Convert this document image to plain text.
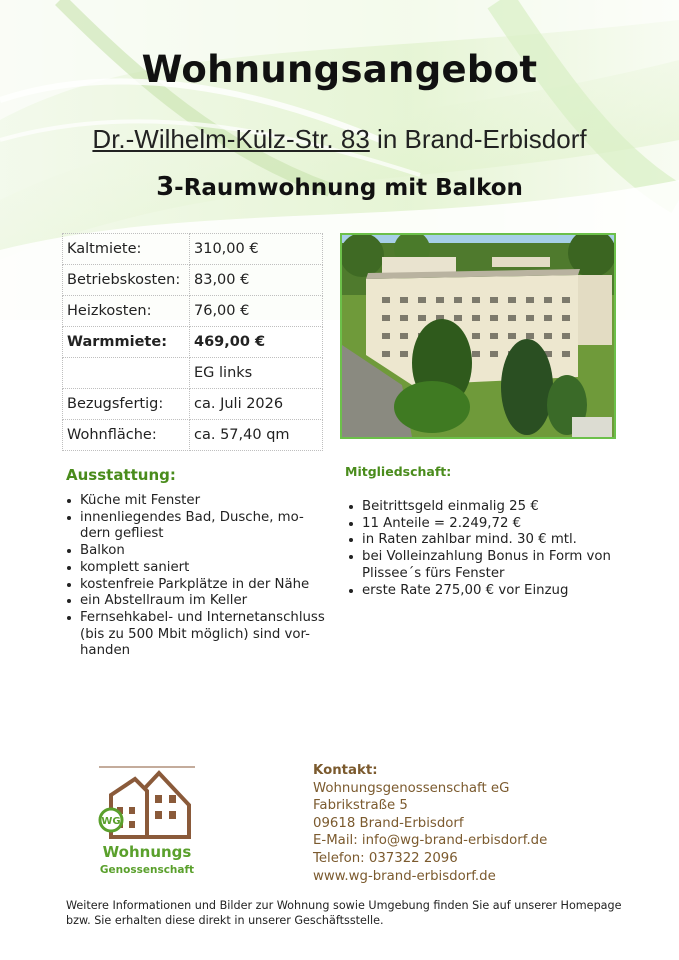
Wohnungsangebot
Dr.-Wilhelm-Külz-Str. 83 in Brand-Erbisdorf
3-Raumwohnung mit Balkon
Kaltmiete:	310,00 €
Betriebskosten:	83,00 €
Heizkosten:	76,00 €
Warmmiete:	469,00 €
	EG links
Bezugsfertig:	ca. Juli 2026
Wohnfläche:	ca. 57,40 qm
Ausstattung:
Küche mit Fenster
innenliegendes Bad, Dusche, mo-dern gefliest
Balkon
komplett saniert
kostenfreie Parkplätze in der Nähe
ein Abstellraum im Keller
Fernsehkabel- und Internetanschluss (bis zu 500 Mbit möglich) sind vor-handen
Mitgliedschaft:
Beitrittsgeld einmalig 25 €
11 Anteile = 2.249,72 €
in Raten zahlbar mind. 30 € mtl.
bei Volleinzahlung Bonus in Form von Plissee´s fürs Fenster
erste Rate 275,00 € vor Einzug
WG
Wohnungs
Genossenschaft
Kontakt:
Wohnungsgenossenschaft eG
Fabrikstraße 5
09618 Brand-Erbisdorf
E-Mail: info@wg-brand-erbisdorf.de
Telefon: 037322 2096
www.wg-brand-erbisdorf.de
Weitere Informationen und Bilder zur Wohnung sowie Umgebung finden Sie auf unserer Homepage bzw. Sie erhalten diese direkt in unserer Geschäftsstelle.
